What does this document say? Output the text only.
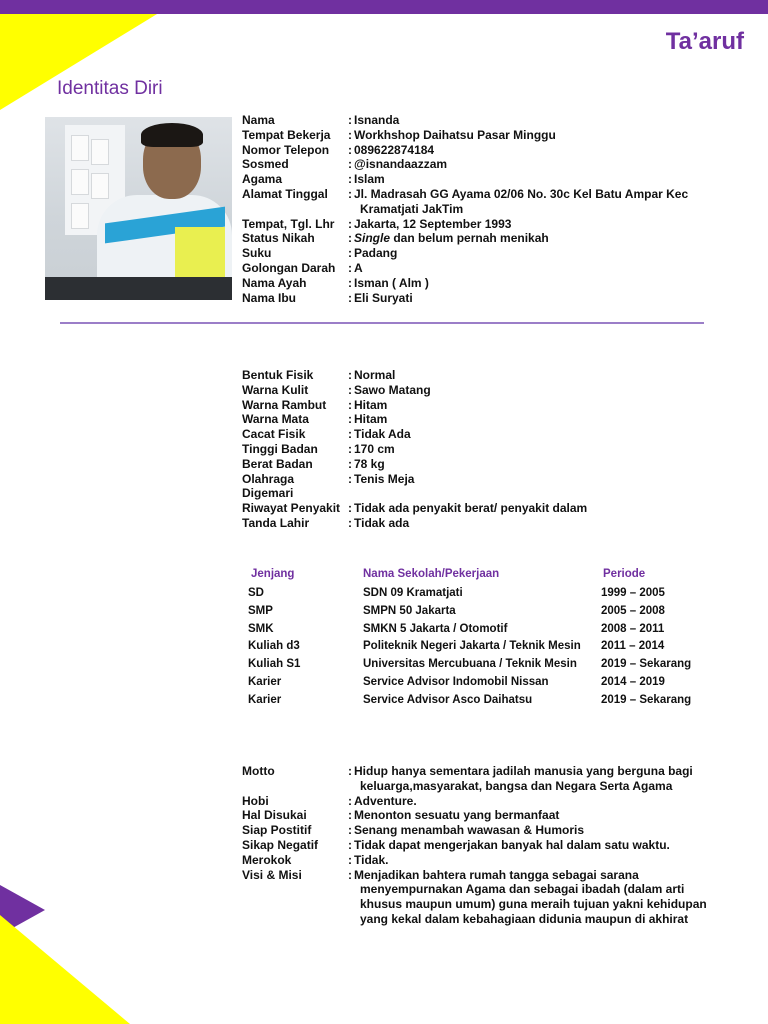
Ta’aruf
Identitas Diri
Nama	: Isnanda
Tempat Bekerja	: Workhshop Daihatsu Pasar Minggu
Nomor Telepon	: 089622874184
Sosmed	: @isnandaazzam
Agama	: Islam
Alamat Tinggal	: Jl. Madrasah GG Ayama 02/06 No. 30c Kel Batu Ampar Kec
Kramatjati JakTim
Tempat, Tgl. Lhr	: Jakarta, 12 September 1993
Status Nikah	: Single dan belum pernah menikah
Suku	: Padang
Golongan Darah	: A
Nama Ayah	: Isman ( Alm )
Nama Ibu	: Eli Suryati
Bentuk Fisik	: Normal
Warna Kulit	: Sawo Matang
Warna Rambut	: Hitam
Warna Mata	: Hitam
Cacat Fisik	: Tidak Ada
Tinggi Badan	: 170 cm
Berat Badan	: 78 kg
Olahraga Digemari
: Tenis Meja
Riwayat Penyakit : Tidak ada penyakit berat/ penyakit dalam
Tanda Lahir	: Tidak ada
Jenjang	Nama Sekolah/Pekerjaan	Periode
SD	SDN 09 Kramatjati	1999 – 2005
SMP	SMPN 50 Jakarta	2005 – 2008
SMK	SMKN 5 Jakarta / Otomotif	2008 – 2011
Kuliah d3	Politeknik Negeri Jakarta / Teknik Mesin	2011 – 2014
Kuliah S1	Universitas Mercubuana / Teknik Mesin	2019 – Sekarang
Karier	Service Advisor Indomobil Nissan	2014 – 2019
Karier	Service Advisor Asco Daihatsu	2019 – Sekarang
Motto	: Hidup hanya sementara jadilah manusia yang berguna bagi
keluarga,masyarakat, bangsa dan Negara Serta Agama
Hobi	: Adventure.
Hal Disukai	: Menonton sesuatu yang bermanfaat
Siap Postitif	: Senang menambah wawasan & Humoris
Sikap Negatif	: Tidak dapat mengerjakan banyak hal dalam satu waktu.
Merokok	: Tidak.
Visi & Misi	: Menjadikan bahtera rumah tangga sebagai sarana
menyempurnakan Agama dan sebagai ibadah (dalam arti
khusus maupun umum) guna meraih tujuan yakni kehidupan
yang kekal dalam kebahagiaan didunia maupun di akhirat
